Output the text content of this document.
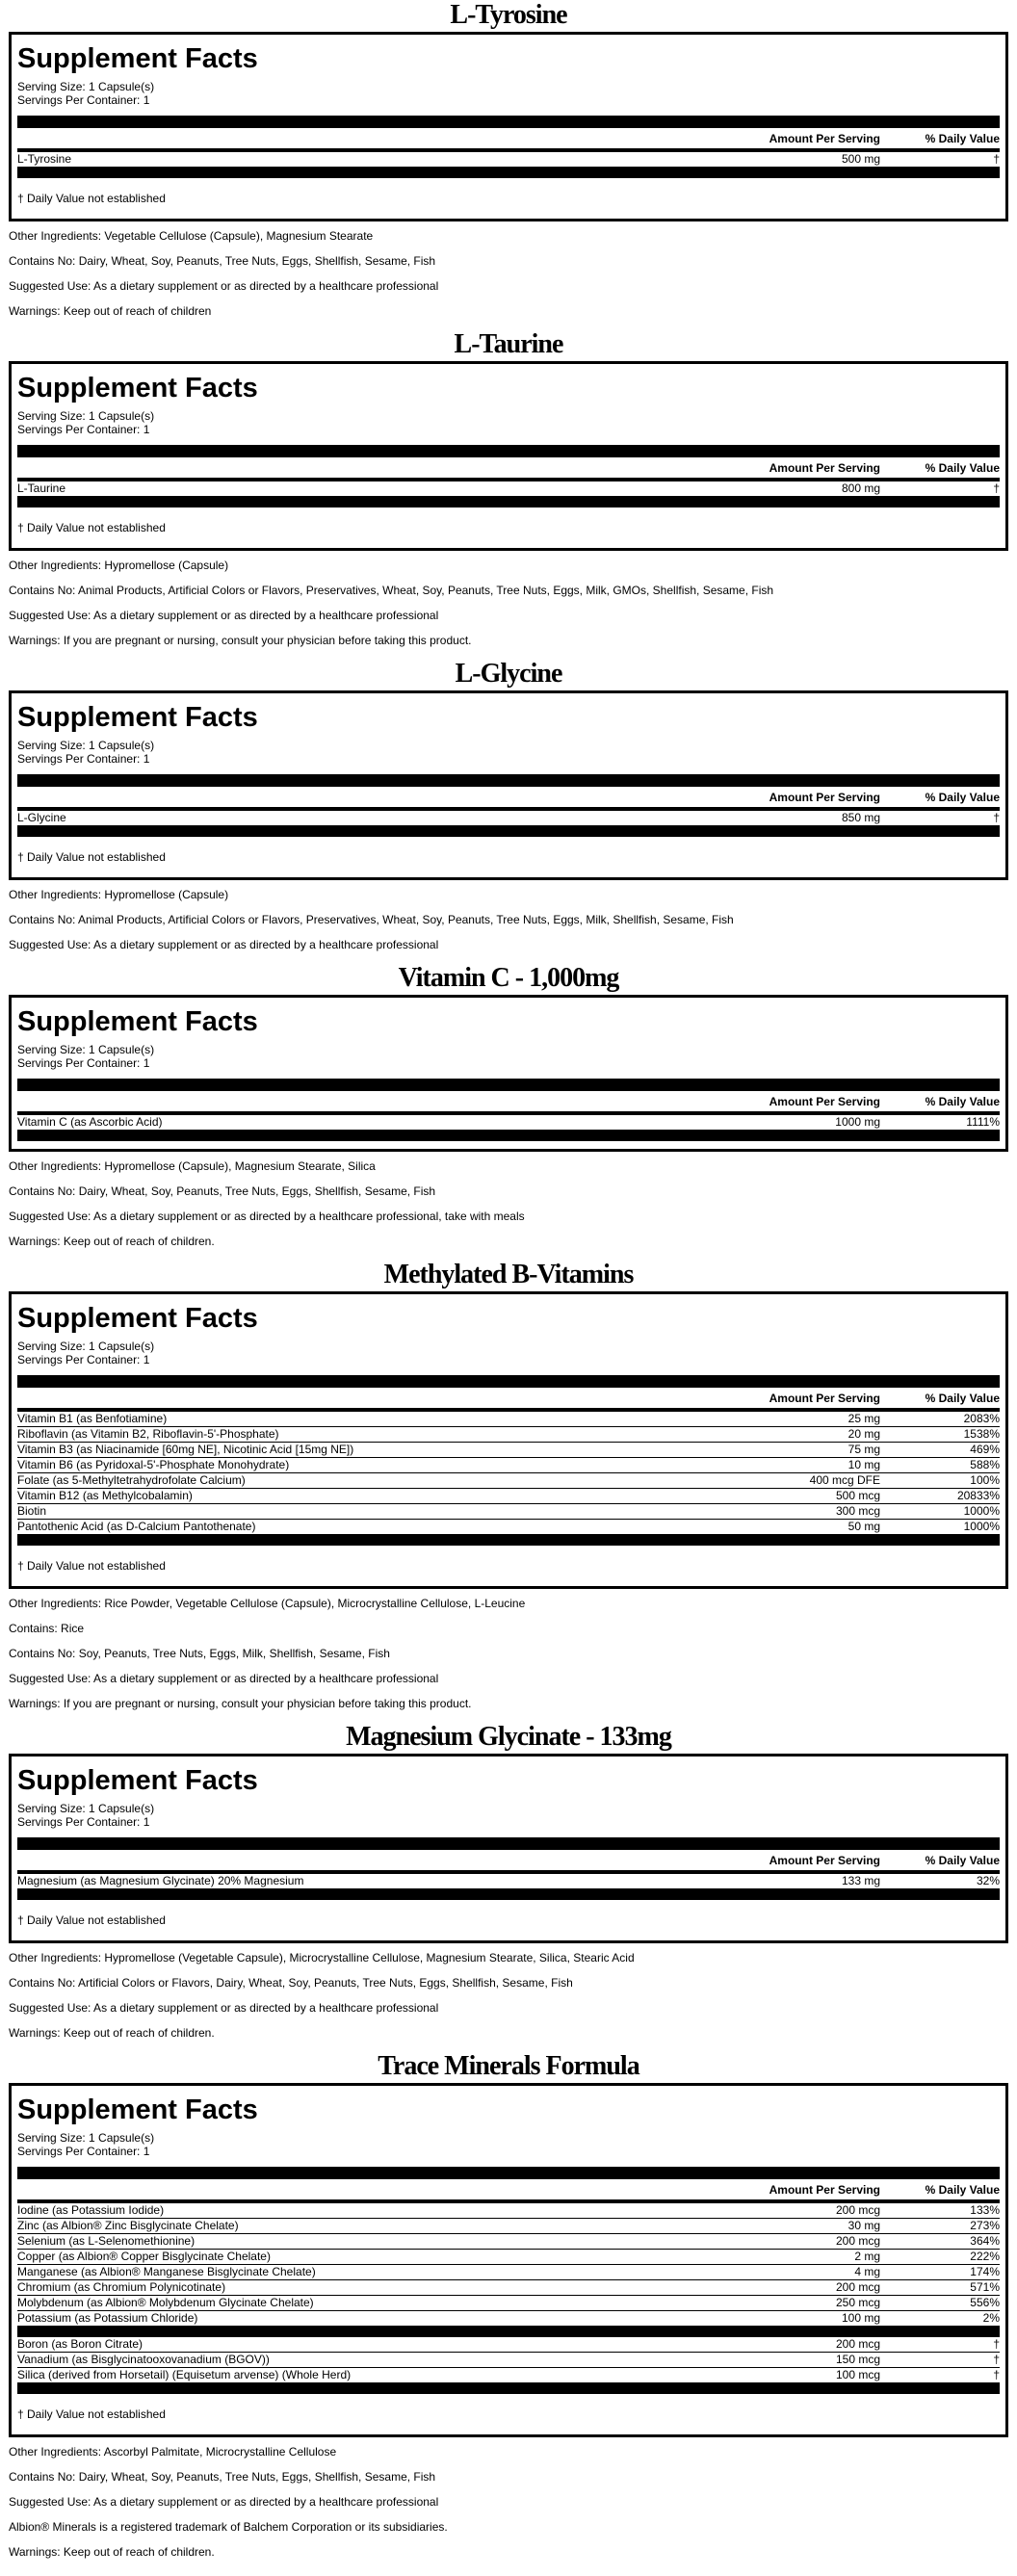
L-Tyrosine
Supplement Facts
Serving Size: 1 Capsule(s)
Servings Per Container: 1
Amount Per Serving	% Daily Value
L-Tyrosine	500 mg	†
† Daily Value not established

Other Ingredients: Vegetable Cellulose (Capsule), Magnesium Stearate

Contains No: Dairy, Wheat, Soy, Peanuts, Tree Nuts, Eggs, Shellfish, Sesame, Fish

Suggested Use: As a dietary supplement or as directed by a healthcare professional

Warnings: Keep out of reach of children

L-Taurine
Supplement Facts
Serving Size: 1 Capsule(s)
Servings Per Container: 1
Amount Per Serving	% Daily Value
L-Taurine	800 mg	†
† Daily Value not established

Other Ingredients: Hypromellose (Capsule)

Contains No: Animal Products, Artificial Colors or Flavors, Preservatives, Wheat, Soy, Peanuts, Tree Nuts, Eggs, Milk, GMOs, Shellfish, Sesame, Fish

Suggested Use: As a dietary supplement or as directed by a healthcare professional

Warnings: If you are pregnant or nursing, consult your physician before taking this product.

L-Glycine
Supplement Facts
Serving Size: 1 Capsule(s)
Servings Per Container: 1
Amount Per Serving	% Daily Value
L-Glycine	850 mg	†
† Daily Value not established

Other Ingredients: Hypromellose (Capsule)

Contains No: Animal Products, Artificial Colors or Flavors, Preservatives, Wheat, Soy, Peanuts, Tree Nuts, Eggs, Milk, Shellfish, Sesame, Fish

Suggested Use: As a dietary supplement or as directed by a healthcare professional

Vitamin C - 1,000mg
Supplement Facts
Serving Size: 1 Capsule(s)
Servings Per Container: 1
Amount Per Serving	% Daily Value
Vitamin C (as Ascorbic Acid)	1000 mg	1111%

Other Ingredients: Hypromellose (Capsule), Magnesium Stearate, Silica

Contains No: Dairy, Wheat, Soy, Peanuts, Tree Nuts, Eggs, Shellfish, Sesame, Fish

Suggested Use: As a dietary supplement or as directed by a healthcare professional, take with meals

Warnings: Keep out of reach of children.

Methylated B-Vitamins
Supplement Facts
Serving Size: 1 Capsule(s)
Servings Per Container: 1
Amount Per Serving	% Daily Value
Vitamin B1 (as Benfotiamine)	25 mg	2083%
Riboflavin (as Vitamin B2, Riboflavin-5'-Phosphate)	20 mg	1538%
Vitamin B3 (as Niacinamide [60mg NE], Nicotinic Acid [15mg NE])	75 mg	469%
Vitamin B6 (as Pyridoxal-5'-Phosphate Monohydrate)	10 mg	588%
Folate (as 5-Methyltetrahydrofolate Calcium)	400 mcg DFE	100%
Vitamin B12 (as Methylcobalamin)	500 mcg	20833%
Biotin	300 mcg	1000%
Pantothenic Acid (as D-Calcium Pantothenate)	50 mg	1000%
† Daily Value not established

Other Ingredients: Rice Powder, Vegetable Cellulose (Capsule), Microcrystalline Cellulose, L-Leucine

Contains: Rice

Contains No: Soy, Peanuts, Tree Nuts, Eggs, Milk, Shellfish, Sesame, Fish

Suggested Use: As a dietary supplement or as directed by a healthcare professional

Warnings: If you are pregnant or nursing, consult your physician before taking this product.

Magnesium Glycinate - 133mg
Supplement Facts
Serving Size: 1 Capsule(s)
Servings Per Container: 1
Amount Per Serving	% Daily Value
Magnesium (as Magnesium Glycinate) 20% Magnesium	133 mg	32%
† Daily Value not established

Other Ingredients: Hypromellose (Vegetable Capsule), Microcrystalline Cellulose, Magnesium Stearate, Silica, Stearic Acid

Contains No: Artificial Colors or Flavors, Dairy, Wheat, Soy, Peanuts, Tree Nuts, Eggs, Shellfish, Sesame, Fish

Suggested Use: As a dietary supplement or as directed by a healthcare professional

Warnings: Keep out of reach of children.

Trace Minerals Formula
Supplement Facts
Serving Size: 1 Capsule(s)
Servings Per Container: 1
Amount Per Serving	% Daily Value
Iodine (as Potassium Iodide)	200 mcg	133%
Zinc (as Albion® Zinc Bisglycinate Chelate)	30 mg	273%
Selenium (as L-Selenomethionine)	200 mcg	364%
Copper (as Albion® Copper Bisglycinate Chelate)	2 mg	222%
Manganese (as Albion® Manganese Bisglycinate Chelate)	4 mg	174%
Chromium (as Chromium Polynicotinate)	200 mcg	571%
Molybdenum (as Albion® Molybdenum Glycinate Chelate)	250 mcg	556%
Potassium (as Potassium Chloride)	100 mg	2%
Boron (as Boron Citrate)	200 mcg	†
Vanadium (as Bisglycinatooxovanadium (BGOV))	150 mcg	†
Silica (derived from Horsetail) (Equisetum arvense) (Whole Herd)	100 mcg	†
† Daily Value not established

Other Ingredients: Ascorbyl Palmitate, Microcrystalline Cellulose

Contains No: Dairy, Wheat, Soy, Peanuts, Tree Nuts, Eggs, Shellfish, Sesame, Fish

Suggested Use: As a dietary supplement or as directed by a healthcare professional

Albion® Minerals is a registered trademark of Balchem Corporation or its subsidiaries.

Warnings: Keep out of reach of children.
